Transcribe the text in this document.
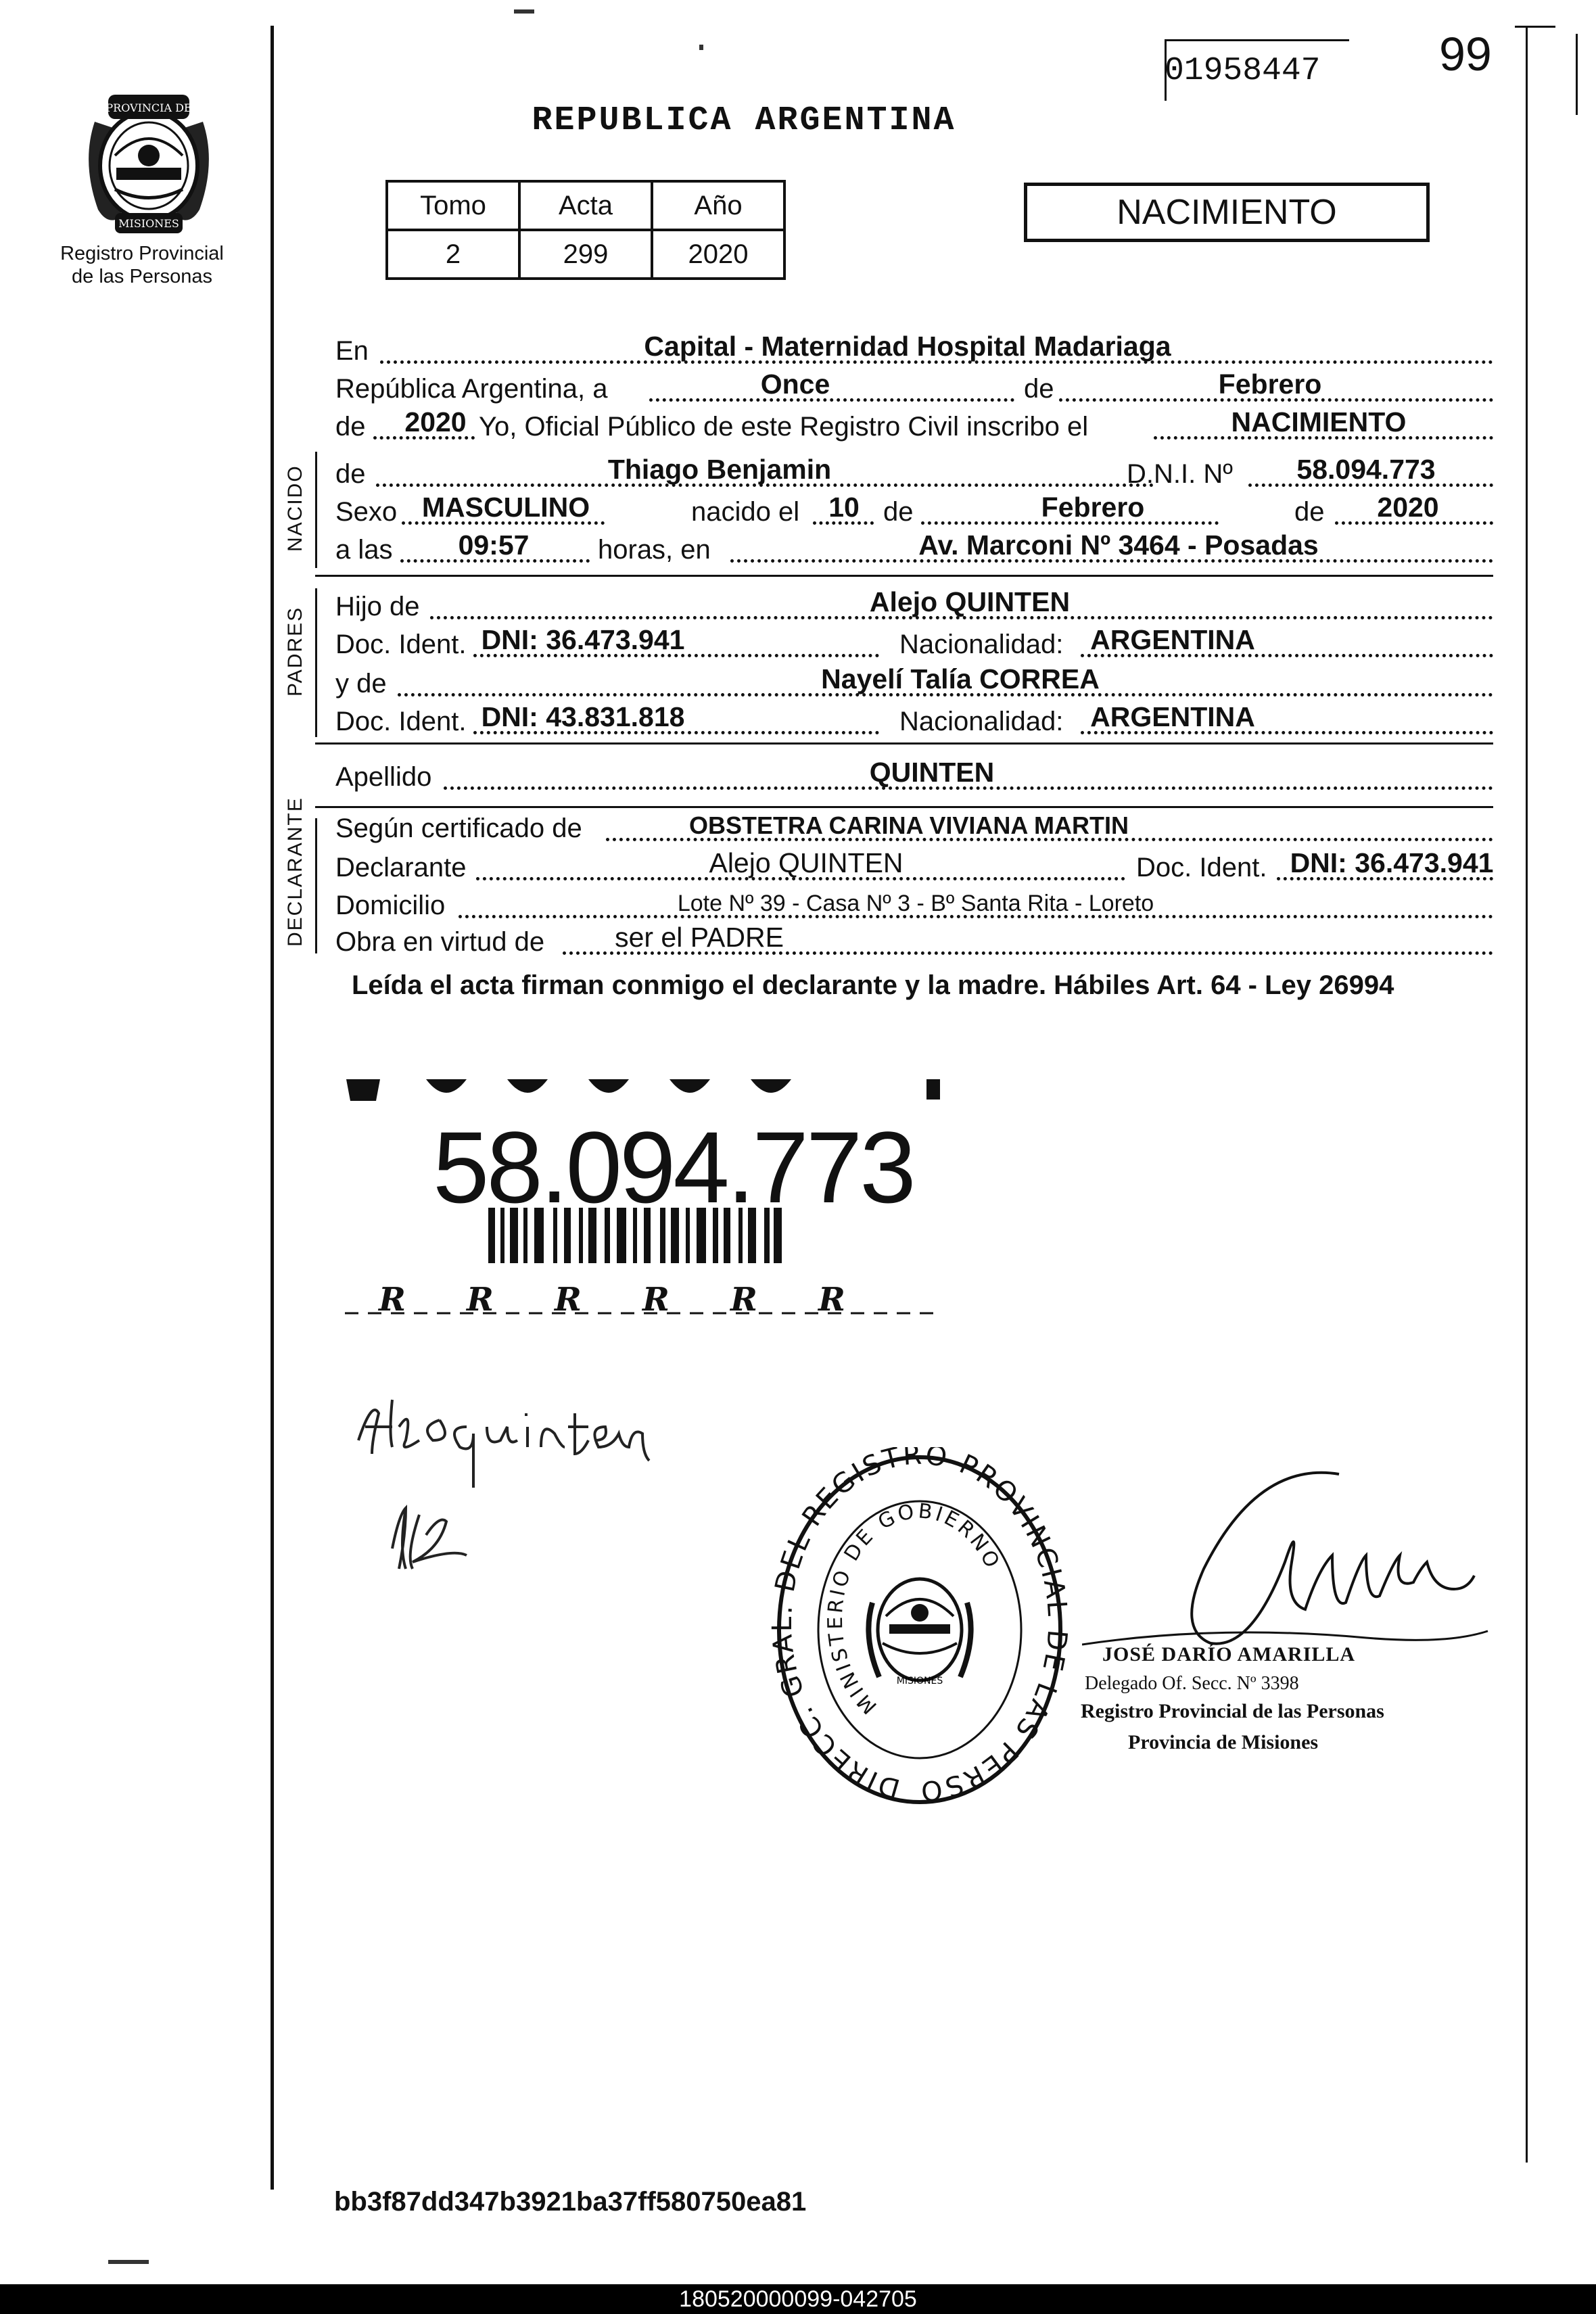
PROVINCIA DE
MISIONES
Registro Provincial
de las Personas
REPUBLICA ARGENTINA
01958447	99
Tomo	Acta	Año
2	299	2020
NACIMIENTO
En	Capital - Maternidad Hospital Madariaga
República Argentina, a	Once	de	Febrero
de 2020 Yo, Oficial Público de este Registro Civil inscribo el	NACIMIENTO
NACIDO de	Thiago Benjamin	D.N.I. Nº 58.094.773
Sexo MASCULINO	nacido el 10 de	Febrero	de 2020
a las 09:57	horas, en	Av. Marconi Nº 3464 - Posadas
PADRES Hijo de	Alejo QUINTEN
Doc. Ident. DNI: 36.473.941	Nacionalidad: ARGENTINA
y de	Nayelí Talía CORREA
Doc. Ident. DNI: 43.831.818	Nacionalidad: ARGENTINA
Apellido	QUINTEN
DECLARANTE Según certificado de	OBSTETRA CARINA VIVIANA MARTIN
Declarante	Alejo QUINTEN	Doc. Ident. DNI: 36.473.941
Domicilio	Lote Nº 39 - Casa Nº 3 - Bº Santa Rita - Loreto
Obra en virtud de	ser el PADRE
Leída el acta firman conmigo el declarante y la madre. Hábiles Art. 64 - Ley 26994
R R R R R R
58.094.773
DIRECC. GR DEL REGISTRO PROVINCIA E LAS PERSO
MINISTERIO DE GOBIERNO
MISIONES
JOSÉ DARÍO AMARILLA
Delegado Of. Secc. Nº 3398
Registro Provincial de las Personas
Provincia de Misiones
bb3f87dd347b3921ba37ff580750ea81
180520000099-042705
